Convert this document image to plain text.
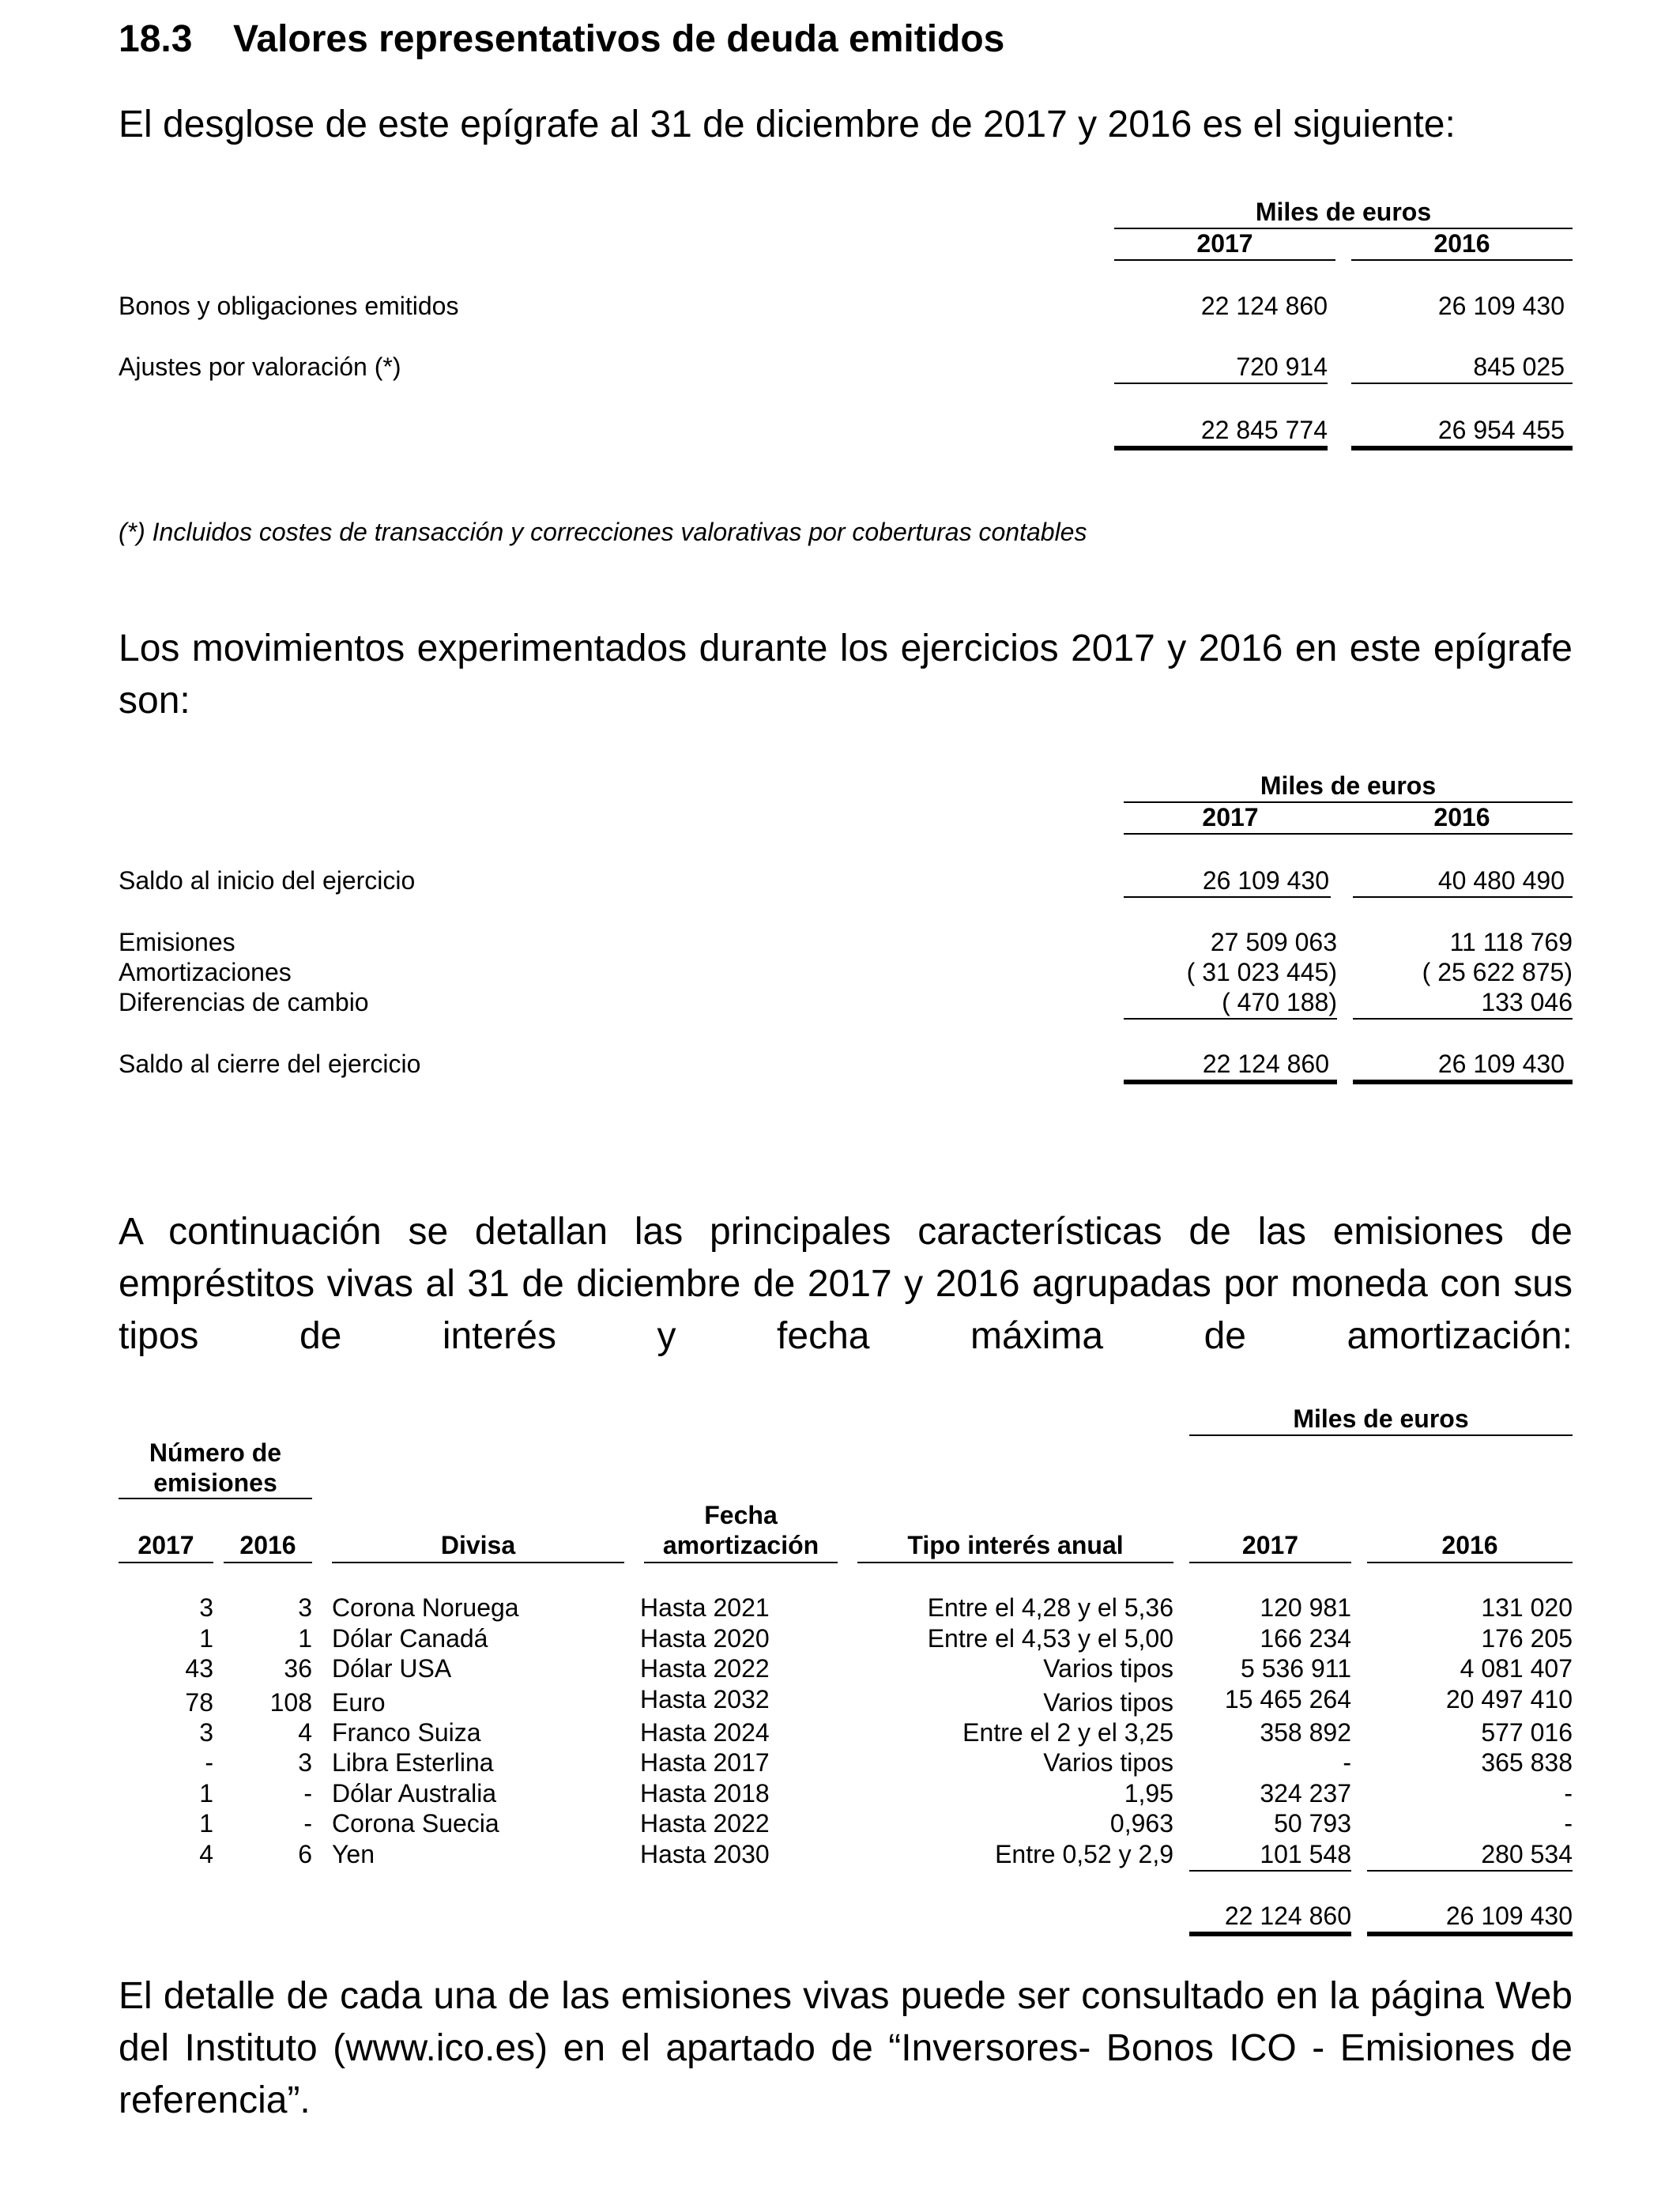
18.3 Valores representativos de deuda emitidos
El desglose de este epígrafe al 31 de diciembre de 2017 y 2016 es el siguiente:
Miles de euros
2017	2016
Bonos y obligaciones emitidos	22 124 860	26 109 430
Ajustes por valoración (*)	720 914	845 025
22 845 774	26 954 455
(*) Incluidos costes de transacción y correcciones valorativas por coberturas contables
Los movimientos experimentados durante los ejercicios 2017 y 2016 en este epígrafe son:
Miles de euros
2017	2016
Saldo al inicio del ejercicio	26 109 430	40 480 490
Emisiones	27 509 063	11 118 769
Amortizaciones	( 31 023 445)	( 25 622 875)
Diferencias de cambio	( 470 188)	133 046
Saldo al cierre del ejercicio	22 124 860	26 109 430
A continuación se detallan las principales características de las emisiones de empréstitos vivas al 31 de diciembre de 2017 y 2016 agrupadas por moneda con sus tipos de interés y fecha máxima de amortización:
Miles de euros
Número de
emisiones
Fecha
2017	2016	Divisa	amortización	Tipo interés anual	2017	2016
3	3 Corona Noruega	Hasta 2021	Entre el 4,28 y el 5,36	120 981	131 020
1	1 Dólar Canadá	Hasta 2020	Entre el 4,53 y el 5,00	166 234	176 205
43	36 Dólar USA	Hasta 2022	Varios tipos	5 536 911	4 081 407
78	108 Euro	Hasta 2032	Varios tipos	15 465 264	20 497 410
3	4 Franco Suiza	Hasta 2024	Entre el 2 y el 3,25	358 892	577 016
-	3 Libra Esterlina	Hasta 2017	Varios tipos	-	365 838
1	- Dólar Australia	Hasta 2018	1,95	324 237	-
1	- Corona Suecia	Hasta 2022	0,963	50 793	-
4	6 Yen	Hasta 2030	Entre 0,52 y 2,9	101 548	280 534
22 124 860	26 109 430
El detalle de cada una de las emisiones vivas puede ser consultado en la página Web del Instituto (www.ico.es) en el apartado de “Inversores- Bonos ICO - Emisiones de referencia”.
